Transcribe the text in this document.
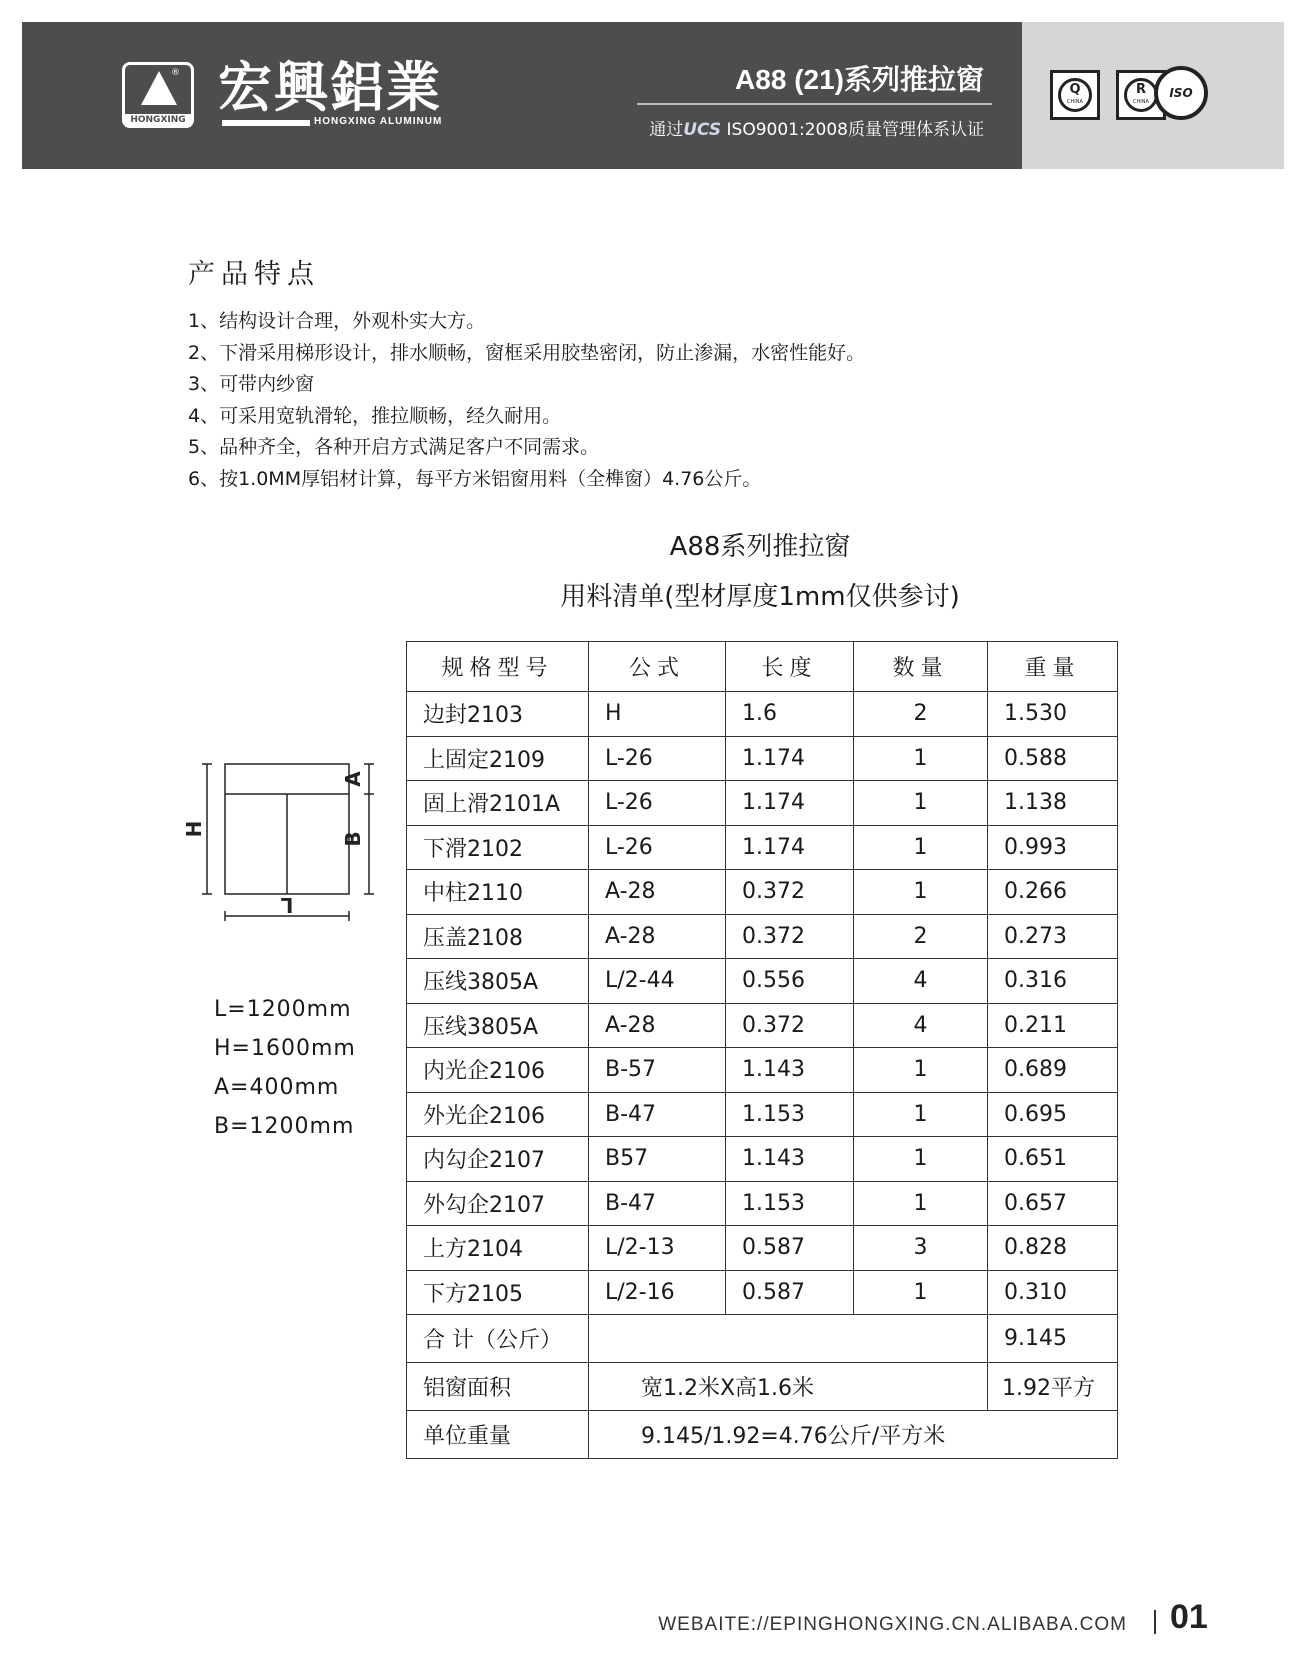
HONGXING
® 宏興鋁業
HONGXING ALUMINUM
A88 (21)系列推拉窗
通过UCS ISO9001:2008质量管理体系认证
Q
CHINA
R
CHINA
ISO
产品特点
1、结构设计合理，外观朴实大方。
2、下滑采用梯形设计，排水顺畅，窗框采用胶垫密闭，防止渗漏，水密性能好。
3、可带内纱窗
4、可采用宽轨滑轮，推拉顺畅，经久耐用。
5、品种齐全，各种开启方式满足客户不同需求。
6、按1.0MM厚铝材计算，每平方米铝窗用料（全榫窗）4.76公斤。
A88系列推拉窗
用料清单(型材厚度1mm仅供参讨)
H
L
A
B
L=1200mm
H=1600mm
A=400mm
B=1200mm
规格型号	公式	长度	数量	重量
边封2103	H	1.6	2	1.530
上固定2109	L-26	1.174	1	0.588
固上滑2101A	L-26	1.174	1	1.138
下滑2102	L-26	1.174	1	0.993
中柱2110	A-28	0.372	1	0.266
压盖2108	A-28	0.372	2	0.273
压线3805A	L/2-44	0.556	4	0.316
压线3805A	A-28	0.372	4	0.211
内光企2106	B-57	1.143	1	0.689
外光企2106	B-47	1.153	1	0.695
内勾企2107	B57	1.143	1	0.651
外勾企2107	B-47	1.153	1	0.657
上方2104	L/2-13	0.587	3	0.828
下方2105	L/2-16	0.587	1	0.310
合 计（公斤）				9.145
铝窗面积	宽1.2米X高1.6米			1.92平方
单位重量	9.145/1.92=4.76公斤/平方米			
WEBAITE://EPINGHONGXING.CN.ALIBABA.COM 01
